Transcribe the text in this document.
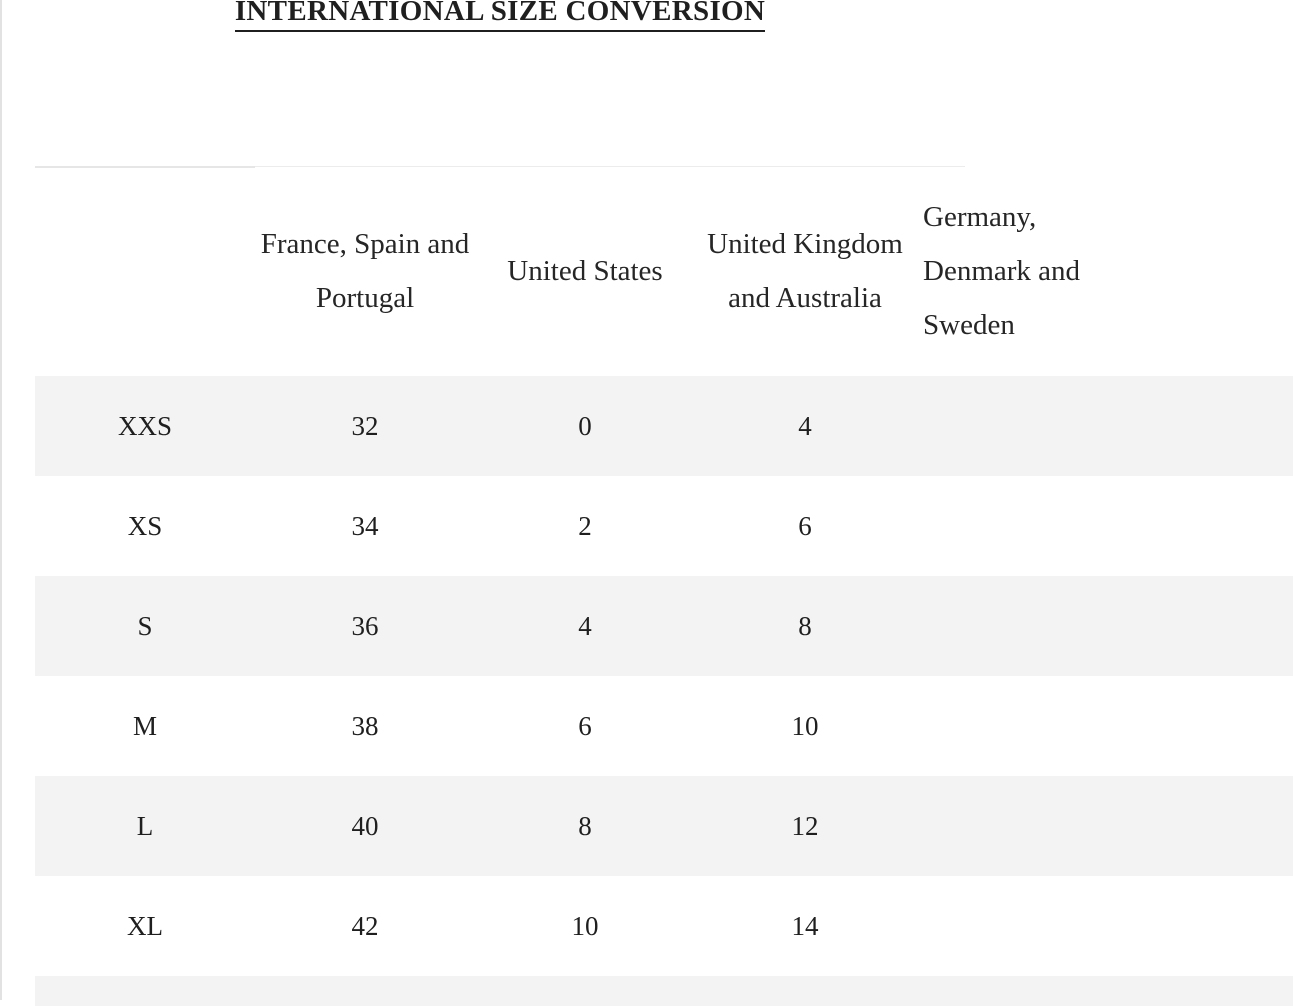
INTERNATIONAL SIZE CONVERSION
	France, Spain and Portugal	United States	United Kingdom and Australia	Germany, Denmark and Sweden	
XXS	32	0	4		
XS	34	2	6		
S	36	4	8		
M	38	6	10		
L	40	8	12		
XL	42	10	14		
